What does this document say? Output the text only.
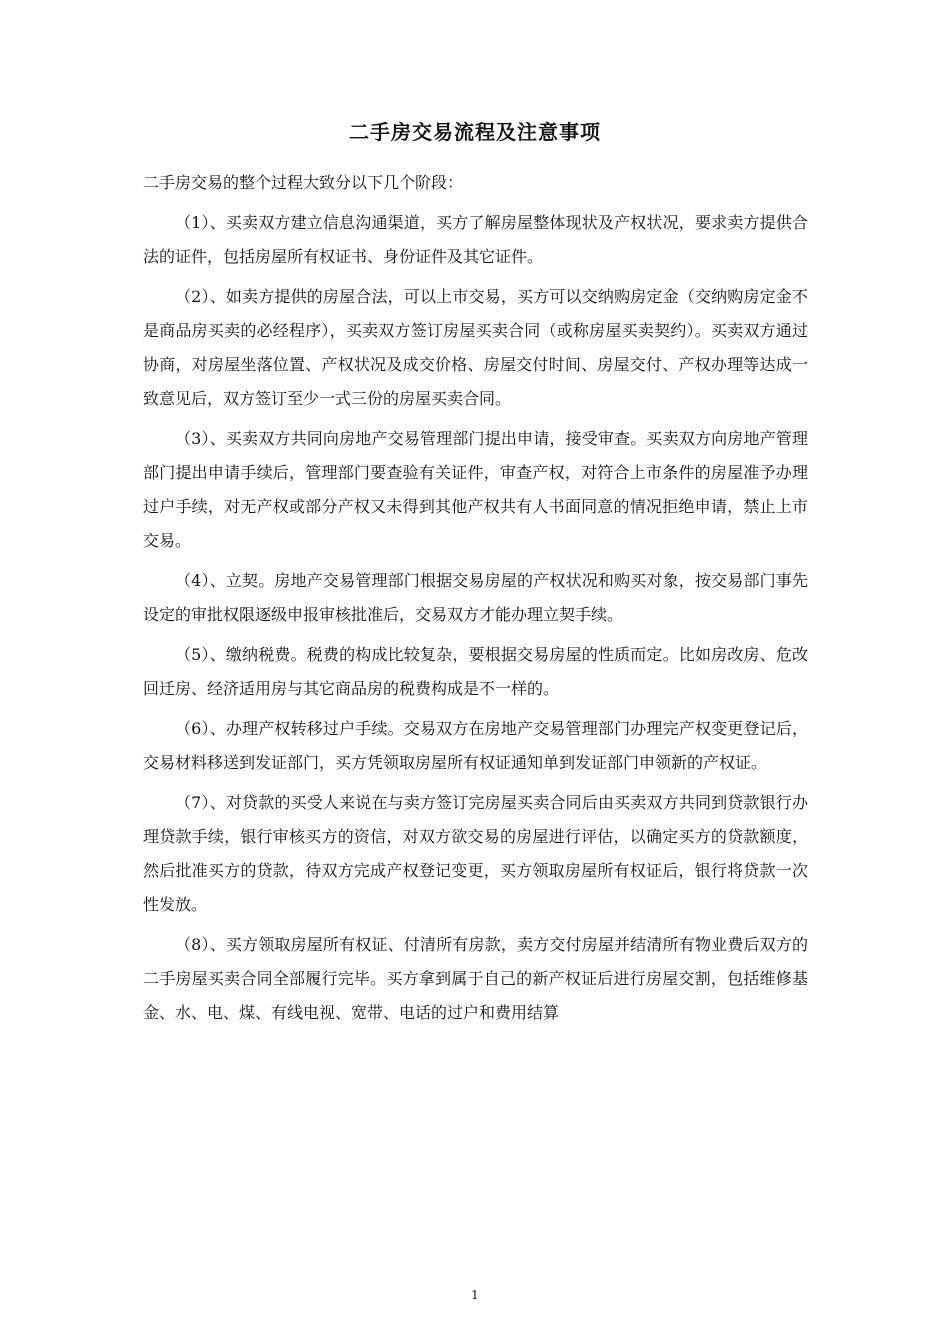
二手房交易流程及注意事项

二手房交易的整个过程大致分以下几个阶段：

（1）、买卖双方建立信息沟通渠道，买方了解房屋整体现状及产权状况，要求卖方提供合法的证件，包括房屋所有权证书、身份证件及其它证件。

（2）、如卖方提供的房屋合法，可以上市交易，买方可以交纳购房定金（交纳购房定金不是商品房买卖的必经程序），买卖双方签订房屋买卖合同（或称房屋买卖契约）。买卖双方通过协商，对房屋坐落位置、产权状况及成交价格、房屋交付时间、房屋交付、产权办理等达成一致意见后，双方签订至少一式三份的房屋买卖合同。

（3）、买卖双方共同向房地产交易管理部门提出申请，接受审查。买卖双方向房地产管理部门提出申请手续后，管理部门要查验有关证件，审查产权，对符合上市条件的房屋准予办理过户手续，对无产权或部分产权又未得到其他产权共有人书面同意的情况拒绝申请，禁止上市交易。

（4）、立契。房地产交易管理部门根据交易房屋的产权状况和购买对象，按交易部门事先设定的审批权限逐级申报审核批准后，交易双方才能办理立契手续。

（5）、缴纳税费。税费的构成比较复杂，要根据交易房屋的性质而定。比如房改房、危改回迁房、经济适用房与其它商品房的税费构成是不一样的。

（6）、办理产权转移过户手续。交易双方在房地产交易管理部门办理完产权变更登记后，交易材料移送到发证部门，买方凭领取房屋所有权证通知单到发证部门申领新的产权证。

（7）、对贷款的买受人来说在与卖方签订完房屋买卖合同后由买卖双方共同到贷款银行办理贷款手续，银行审核买方的资信，对双方欲交易的房屋进行评估，以确定买方的贷款额度，然后批准买方的贷款，待双方完成产权登记变更，买方领取房屋所有权证后，银行将贷款一次性发放。

（8）、买方领取房屋所有权证、付清所有房款，卖方交付房屋并结清所有物业费后双方的二手房屋买卖合同全部履行完毕。买方拿到属于自己的新产权证后进行房屋交割，包括维修基金、水、电、煤、有线电视、宽带、电话的过户和费用结算

1
